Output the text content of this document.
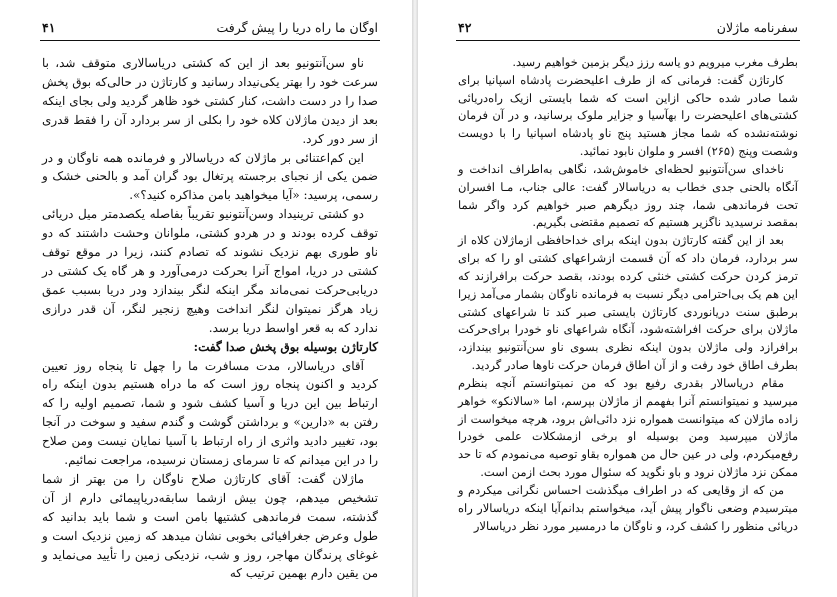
اوگان ما راه دریا را پیش گرفت
۴۱

ناو سن‌آنتونیو بعد از این که کشتی دریاسالاری متوقف شد، با سرعت خود را بهتر یکی‌نیداد رسانید و کارتاژن در حالی‌که بوق پخش صدا را در دست داشت، کنار کشتی خود ظاهر گردید ولی بجای اینکه بعد از دیدن ماژلان کلاه خود را بکلی از سر بردارد آن را فقط قدری از سر دور کرد.

این کم‌اعتنائی بر ماژلان که دریاسالار و فرمانده همه ناوگان و در ضمن یکی از نجبای برجسته پرتغال بود گران آمد و بالحنی خشک و رسمی، پرسید: «آیا میخواهید بامن مذاکره کنید؟».

دو کشتی ترینیداد وسن‌آنتونیو تقریباً بفاصله یکصدمتر میل دریائی توقف کرده بودند و در هردو کشتی، ملوانان وحشت داشتند که دو ناو طوری بهم نزدیک نشوند که تصادم کنند، زیرا در موقع توقف کشتی در دریا، امواج آنرا بحرکت درمی‌آورد و هر گاه یک کشتی در دریابی‌حرکت نمی‌ماند مگر اینکه لنگر بیندازد ودر دریا بسبب عمق زیاد هرگز نمیتوان لنگر انداخت وهیچ زنجیر لنگر، آن قدر درازی ندارد که به قعر اواسط دریا برسد.

کارتاژن بوسیله بوق پخش صدا گفت:

آقای دریاسالار، مدت مسافرت ما را چهل تا پنجاه روز تعیین کردید و اکنون پنجاه روز است که ما دراه هستیم بدون اینکه راه ارتباط بین این دریا و آسیا کشف شود و شما، تصمیم اولیه را که رفتن به «دارین» و برداشتن گوشت و گندم سفید و سوخت در آنجا بود، تغییر دادید واثری از راه ارتباط با آسیا نمایان نیست ومن صلاح را در این میدانم که تا سرمای زمستان نرسیده، مراجعت نمائیم.

ماژلان گفت: آقای کارتاژن صلاح ناوگان را من بهتر از شما تشخیص میدهم، چون بیش ازشما سابقه‌دریاپیمائی دارم از آن گذشته، سمت فرماندهی کشتیها بامن است و شما باید بدانید که طول وعرض جغرافیائی بخوبی نشان میدهد که زمین نزدیک است و غوغای پرندگان مهاجر، روز و شب، نزدیکی زمین را تأیید می‌نماید و من یقین دارم بهمین ترتیب که

سفرنامه ماژلان
۴۲

بطرف مغرب میرویم دو یاسه رزز دیگر بزمین خواهیم رسید.

کارتاژن گفت: فرمانی که از طرف اعلیحضرت پادشاه اسپانیا برای شما صادر شده حاکی ازاین است که شما بایستی ازیک راه‌دریائی کشتی‌های اعلیحضرت را بهآسیا و جزایر ملوک برسانید، و در آن فرمان نوشته‌نشده که شما مجاز هستید پنج ناو پادشاه اسپانیا را با دویست وشصت وپنج (۲۶۵) افسر و ملوان نابود نمائید.

ناخدای سن‌آنتونیو لحظه‌ای خاموش‌شد، نگاهی به‌اطراف انداخت و آنگاه بالحنی جدی خطاب به دریاسالار گفت: عالی جناب، مـا افسران تحت فرماندهی شما، چند روز دیگرهم صبر خواهیم کرد واگر شما بمقصد نرسیدید ناگزیر هستیم که تصمیم مقتضی بگیریم.

بعد از این گفته کارتاژن بدون اینکه برای خداحافظی ازماژلان کلاه از سر بردارد، فرمان داد که آن قسمت ازشراعهای کشتی او را که برای ترمز کردن حرکت کشتی خنثی کرده بودند، بقصد حرکت برافرازند که این هم یک بی‌احترامی دیگر نسبت به فرمانده ناوگان بشمار می‌آمد زیرا برطبق سنت دریانوردی کارتاژن بایستی صبر کند تا شراعهای کشتی ماژلان برای حرکت افراشته‌شود، آنگاه شراعهای ناو خودرا برای‌حرکت برافرازد ولی ماژلان بدون اینکه نظری بسوی ناو سن‌آنتونیو بیندازد، بطرف اطاق خود رفت و از آن اطاق فرمان حرکت ناوها صادر گردید.

مقام دریاسالار بقدری رفیع بود که من نمیتوانستم آنچه بنظرم میرسید و نمیتوانستم آنرا بفهمم از ماژلان بپرسم، اما «سالانکو» خواهر زاده ماژلان که میتوانست همواره نزد دائی‌اش برود، هرچه میخواست از ماژلان میپرسید ومن بوسیله او برخی ازمشکلات علمی خودرا رفع‌میکردم، ولی در عین حال من همواره بقاو توصیه می‌نمودم که تا حد ممکن نزد ماژلان نرود و باو نگوید که سئوال مورد بحث ازمن است.

من که از وقایعی که در اطراف میگذشت احساس نگرانی میکردم و میترسیدم وضعی ناگوار پیش آید، میخواستم بدانم‌آیا اینکه دریاسالار راه دریائی منظور را کشف کرد، و ناوگان ما درمسیر مورد نظر دریاسالار
